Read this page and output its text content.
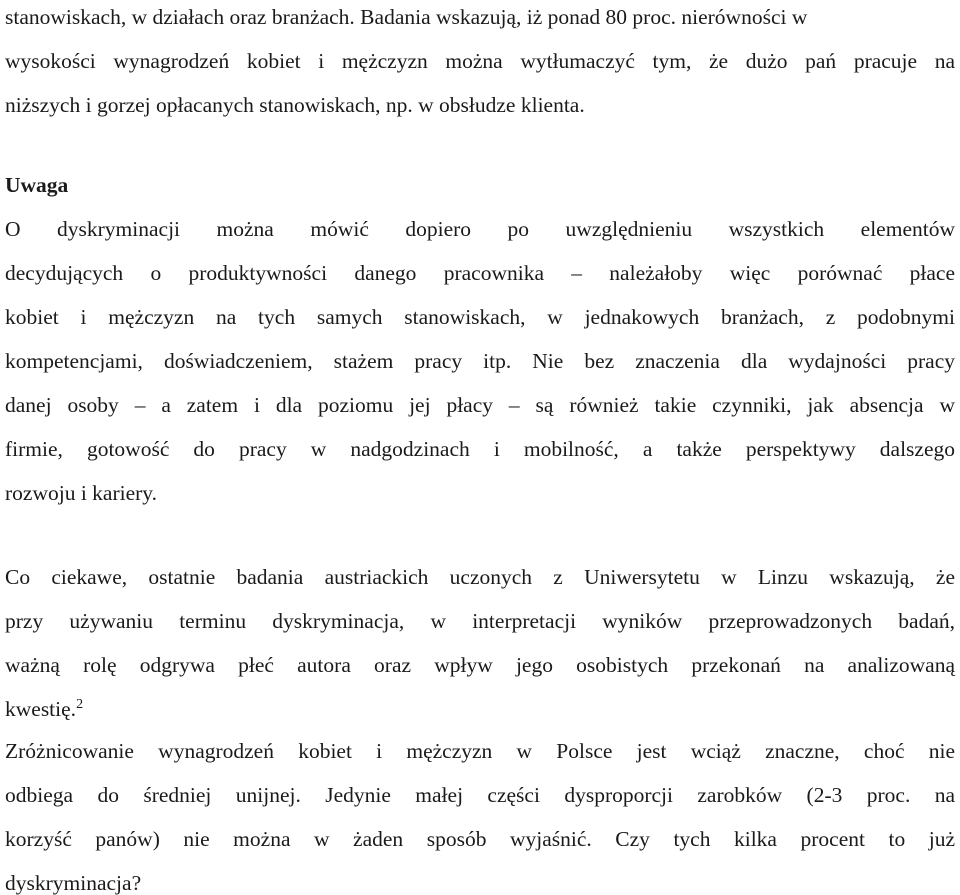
stanowiskach, w działach oraz branżach. Badania wskazują, iż ponad 80 proc. nierówności w
wysokości wynagrodzeń kobiet i mężczyzn można wytłumaczyć tym, że dużo pań pracuje na
niższych i gorzej opłacanych stanowiskach, np. w obsłudze klienta.
Uwaga
O dyskryminacji można mówić dopiero po uwzględnieniu wszystkich elementów
decydujących o produktywności danego pracownika – należałoby więc porównać płace
kobiet i mężczyzn na tych samych stanowiskach, w jednakowych branżach, z podobnymi
kompetencjami, doświadczeniem, stażem pracy itp. Nie bez znaczenia dla wydajności pracy
danej osoby – a zatem i dla poziomu jej płacy – są również takie czynniki, jak absencja w
firmie, gotowość do pracy w nadgodzinach i mobilność, a także perspektywy dalszego
rozwoju i kariery.
Co ciekawe, ostatnie badania austriackich uczonych z Uniwersytetu w Linzu wskazują, że
przy używaniu terminu dyskryminacja, w interpretacji wyników przeprowadzonych badań,
ważną rolę odgrywa płeć autora oraz wpływ jego osobistych przekonań na analizowaną
kwestię.$^2$
Zróżnicowanie wynagrodzeń kobiet i mężczyzn w Polsce jest wciąż znaczne, choć nie
odbiega do średniej unijnej. Jedynie małej części dysproporcji zarobków (2-3 proc. na
korzyść panów) nie można w żaden sposób wyjaśnić. Czy tych kilka procent to już
dyskryminacja?
